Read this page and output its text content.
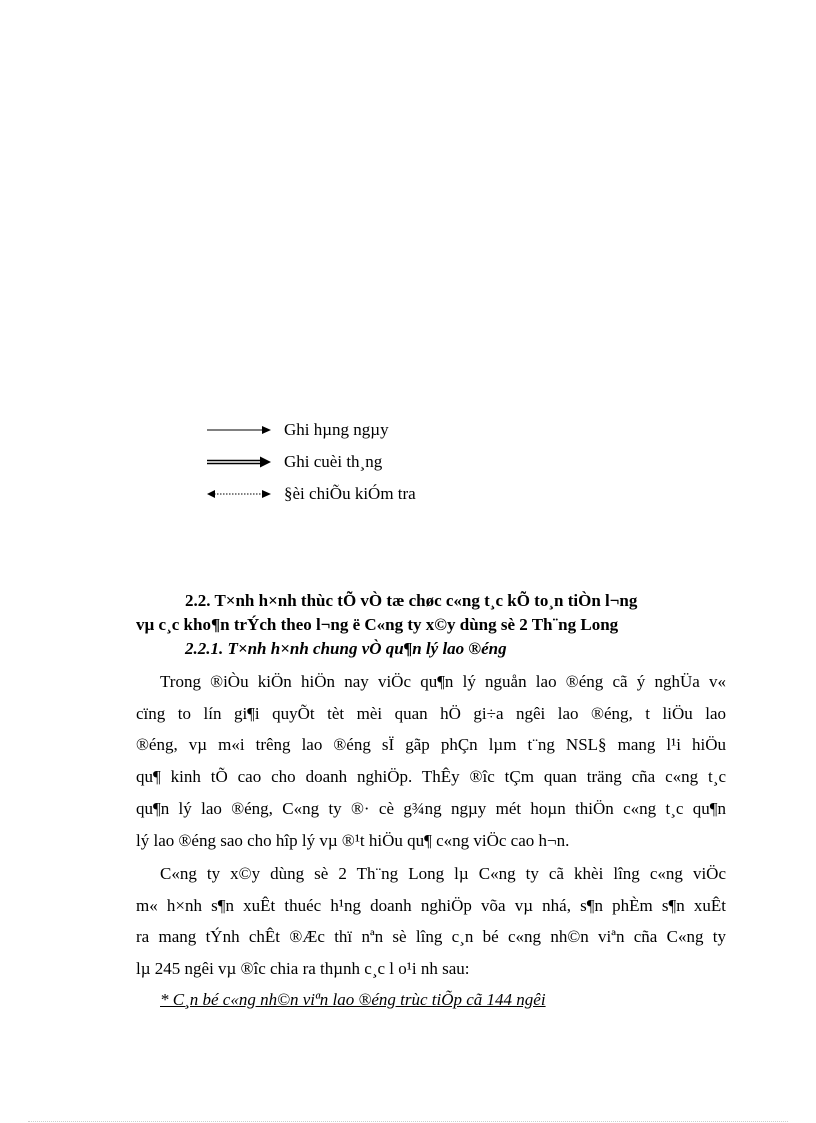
Ghi hµng ngµy
Ghi cuèi th¸ng
§èi chiÕu kiÓm tra
2.2. T×nh h×nh thùc tÕ vÒ tæ chøc c«ng t¸c kÕ to¸n tiÒn l¬ng
vµ c¸c kho¶n trÝch theo l¬ng ë C«ng ty x©y dùng sè 2 Th¨ng Long
2.2.1. T×nh h×nh chung vÒ qu¶n lý lao ®éng
Trong ®iÒu kiÖn hiÖn nay viÖc qu¶n lý nguån lao ®éng cã ý nghÜa v«
cïng to lín gi¶i quyÕt tèt mèi quan hÖ gi÷a ngêi lao ®éng, t liÖu lao
®éng, vµ m«i trêng lao ®éng sÏ gãp phÇn lµm t¨ng NSL§ mang l¹i hiÖu
qu¶ kinh tÕ cao cho doanh nghiÖp. ThÊy ®îc tÇm quan träng cña c«ng t¸c
qu¶n lý lao ®éng, C«ng ty ®· cè g¾ng ngµy mét hoµn thiÖn c«ng t¸c qu¶n
lý lao ®éng sao cho hîp lý vµ ®¹t hiÖu qu¶ c«ng viÖc cao h¬n.
C«ng ty x©y dùng sè 2 Th¨ng Long lµ C«ng ty cã khèi lîng c«ng viÖc
m« h×nh s¶n xuÊt thuéc h¹ng doanh nghiÖp võa vµ nhá, s¶n phÈm s¶n xuÊt
ra mang tÝnh chÊt ®Æc thï nªn sè lîng c¸n bé c«ng nh©n viªn cña C«ng ty
lµ 245 ngêi vµ ®îc chia ra thµnh c¸c l o¹i nh sau:
* C¸n bé c«ng nh©n viªn lao ®éng trùc tiÕp cã 144 ngêi
